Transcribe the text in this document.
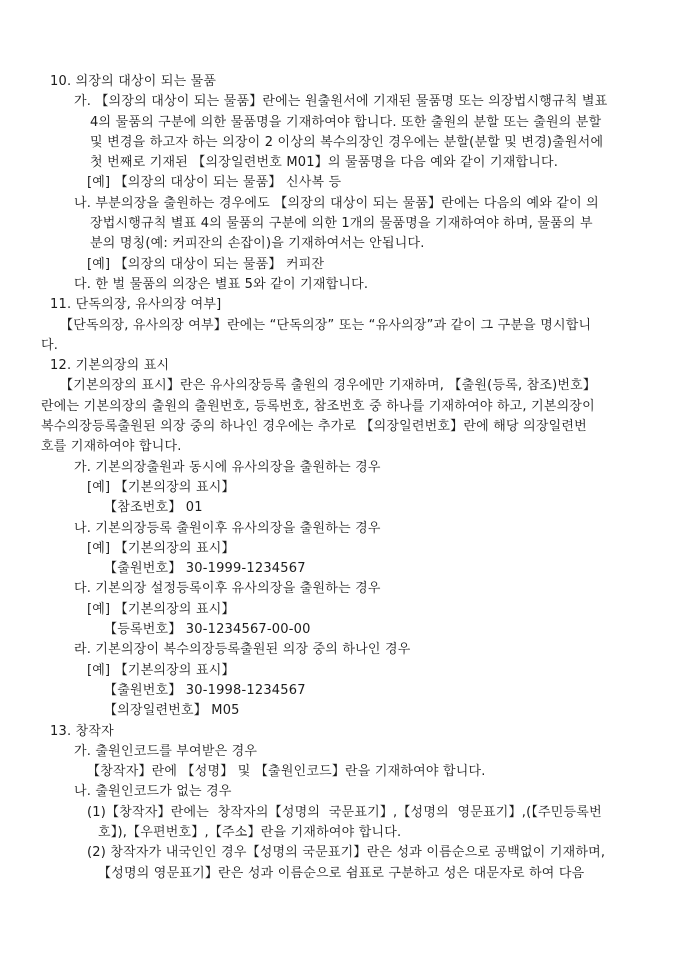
10. 의장의 대상이 되는 물품
가. 【의장의 대상이 되는 물품】란에는 원출원서에 기재된 물품명 또는 의장법시행규칙 별표
4의 물품의 구분에 의한 물품명을 기재하여야 합니다. 또한 출원의 분할 또는 출원의 분할
및 변경을 하고자 하는 의장이 2 이상의 복수의장인 경우에는 분할(분할 및 변경)출원서에
첫 번째로 기재된 【의장일련번호 M01】의 물품명을 다음 예와 같이 기재합니다.
[예] 【의장의 대상이 되는 물품】 신사복 등
나. 부분의장을 출원하는 경우에도 【의장의 대상이 되는 물품】란에는 다음의 예와 같이 의
장법시행규칙 별표 4의 물품의 구분에 의한 1개의 물품명을 기재하여야 하며, 물품의 부
분의 명칭(예: 커피잔의 손잡이)을 기재하여서는 안됩니다.
[예] 【의장의 대상이 되는 물품】 커피잔
다. 한 벌 물품의 의장은 별표 5와 같이 기재합니다.
11. 단독의장, 유사의장 여부]
【단독의장, 유사의장 여부】란에는 “단독의장” 또는 “유사의장”과 같이 그 구분을 명시합니
다.
12. 기본의장의 표시
【기본의장의 표시】란은 유사의장등록 출원의 경우에만 기재하며, 【출원(등록, 참조)번호】
란에는 기본의장의 출원의 출원번호, 등록번호, 참조번호 중 하나를 기재하여야 하고, 기본의장이
복수의장등록출원된 의장 중의 하나인 경우에는 추가로 【의장일련번호】란에 해당 의장일련번
호를 기재하여야 합니다.
가. 기본의장출원과 동시에 유사의장을 출원하는 경우
[예] 【기본의장의 표시】
【참조번호】 01
나. 기본의장등록 출원이후 유사의장을 출원하는 경우
[예] 【기본의장의 표시】
【출원번호】 30-1999-1234567
다. 기본의장 설정등록이후 유사의장을 출원하는 경우
[예] 【기본의장의 표시】
【등록번호】 30-1234567-00-00
라. 기본의장이 복수의장등록출원된 의장 중의 하나인 경우
[예] 【기본의장의 표시】
【출원번호】 30-1998-1234567
【의장일련번호】 M05
13. 창작자
가. 출원인코드를 부여받은 경우
【창작자】란에 【성명】 및 【출원인코드】란을 기재하여야 합니다.
나. 출원인코드가 없는 경우
(1)【창작자】란에는  창작자의【성명의  국문표기】,【성명의  영문표기】,(【주민등록번
호】),【우편번호】,【주소】란을 기재하여야 합니다.
(2) 창작자가 내국인인 경우【성명의 국문표기】란은 성과 이름순으로 공백없이 기재하며,
【성명의 영문표기】란은 성과 이름순으로 쉼표로 구분하고 성은 대문자로 하여 다음
